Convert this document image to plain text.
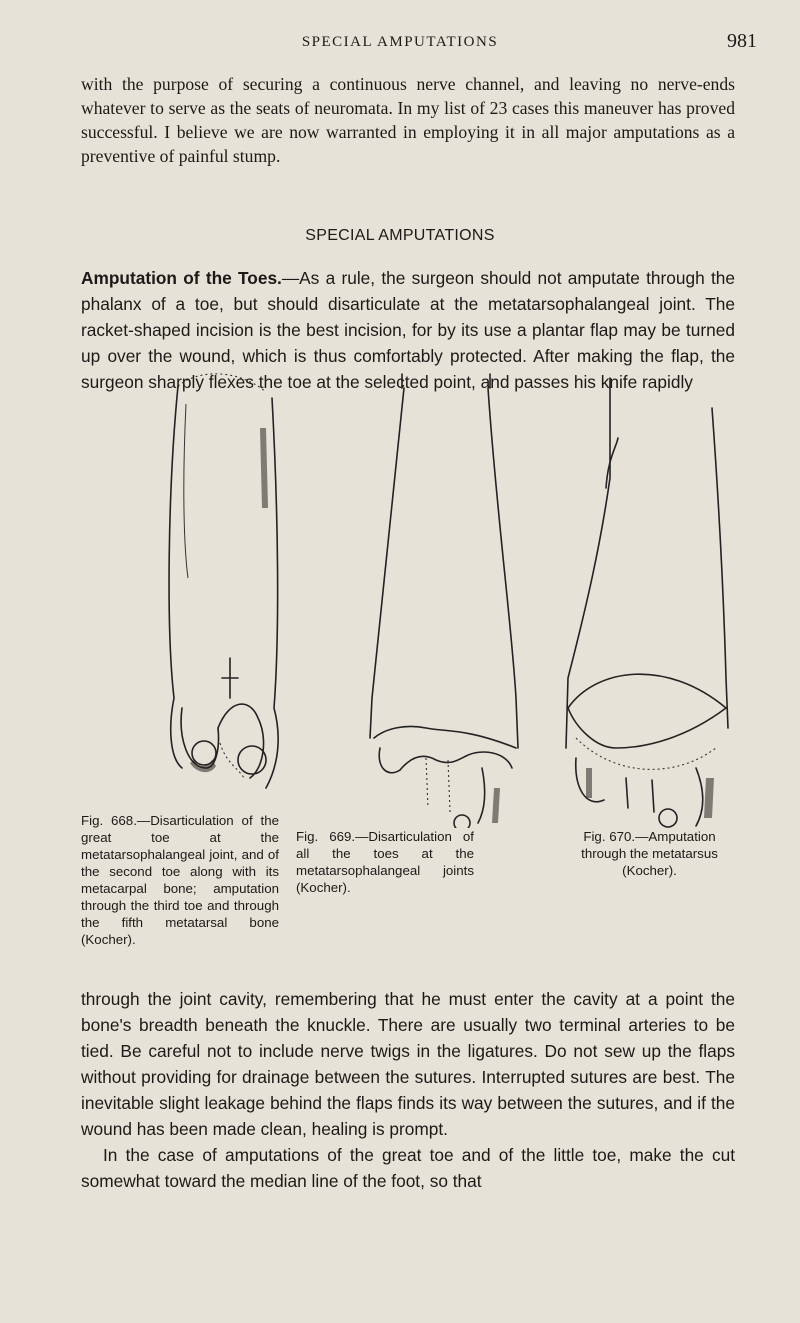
SPECIAL AMPUTATIONS	981

with the purpose of securing a continuous nerve channel, and leaving no nerve-ends whatever to serve as the seats of neuromata. In my list of 23 cases this maneuver has proved successful. I believe we are now warranted in employing it in all major amputations as a preventive of painful stump.

SPECIAL AMPUTATIONS

Amputation of the Toes.—As a rule, the surgeon should not amputate through the phalanx of a toe, but should disarticulate at the metatarsophalangeal joint. The racket-shaped incision is the best incision, for by its use a plantar flap may be turned up over the wound, which is thus comfortably protected. After making the flap, the surgeon sharply flexes the toe at the selected point, and passes his knife rapidly

Fig. 668.—Disarticulation of the great toe at the metatarsophalangeal joint, and of the second toe along with its metacarpal bone; amputation through the third toe and through the fifth metatarsal bone (Kocher).
Fig. 669.—Disarticulation of all the toes at the metatarsophalangeal joints (Kocher).
Fig. 670.—Amputation through the metatarsus (Kocher).

through the joint cavity, remembering that he must enter the cavity at a point the bone's breadth beneath the knuckle. There are usually two terminal arteries to be tied. Be careful not to include nerve twigs in the ligatures. Do not sew up the flaps without providing for drainage between the sutures. Interrupted sutures are best. The inevitable slight leakage behind the flaps finds its way between the sutures, and if the wound has been made clean, healing is prompt.

In the case of amputations of the great toe and of the little toe, make the cut somewhat toward the median line of the foot, so that
